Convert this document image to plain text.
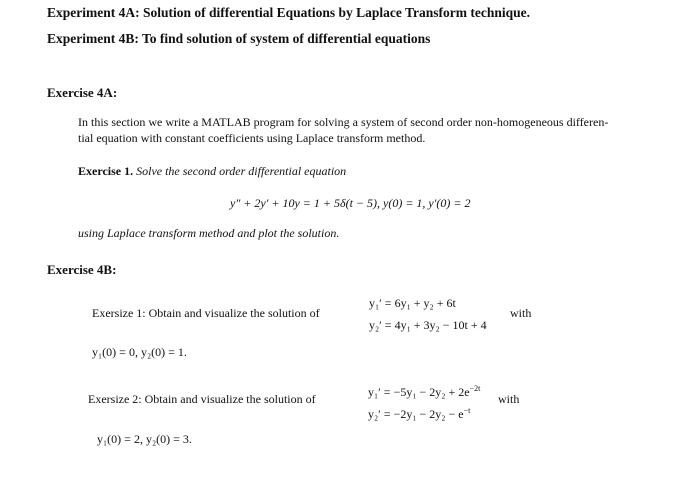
Experiment 4A: Solution of differential Equations by Laplace Transform technique.
Experiment 4B: To find solution of system of differential equations
Exercise 4A:
In this section we write a MATLAB program for solving a system of second order non-homogeneous differen-
tial equation with constant coefficients using Laplace transform method.
Exercise 1. Solve the second order differential equation
y″ + 2y′ + 10y = 1 + 5δ(t − 5), y(0) = 1, y′(0) = 2
using Laplace transform method and plot the solution.
Exercise 4B:
Exersize 1: Obtain and visualize the solution of
y₁′ = 6y₁ + y₂ + 6t
y₂′ = 4y₁ + 3y₂ − 10t + 4
with
y₁(0) = 0, y₂(0) = 1.
Exersize 2: Obtain and visualize the solution of	$y_1' = -5y_1 - 2y_2 + 2e^{-2t}$
$y_2' = -2y_1 - 2y_2 - e^{-t}$
with
y₁(0) = 2, y₂(0) = 3.
